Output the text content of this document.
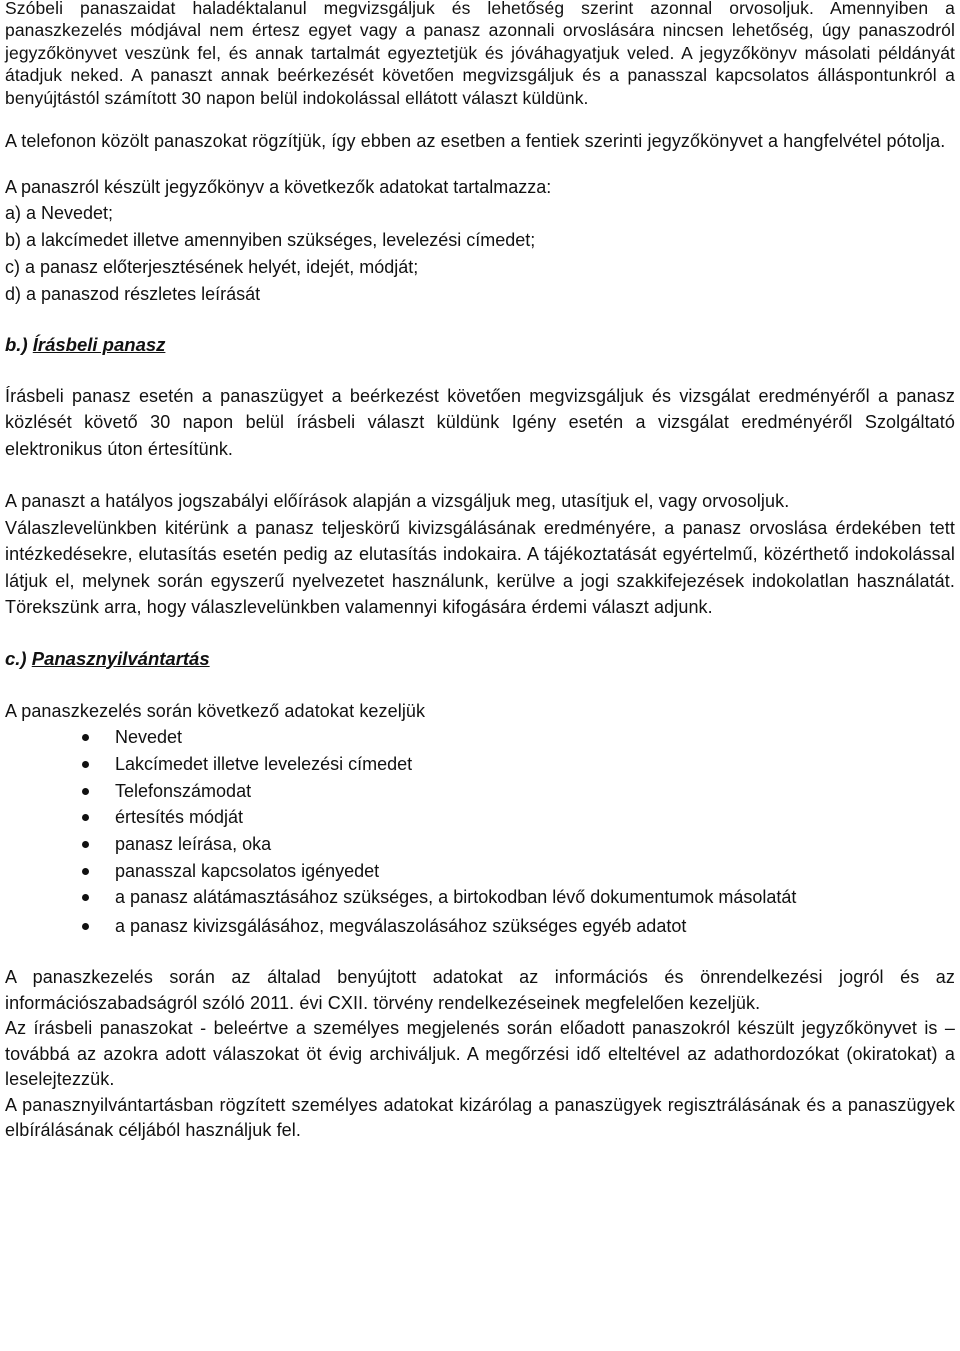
Szóbeli panaszaidat haladéktalanul megvizsgáljuk és lehetőség szerint azonnal orvosoljuk. Amennyiben a panaszkezelés módjával nem értesz egyet vagy a panasz azonnali orvoslására nincsen lehetőség, úgy panaszodról jegyzőkönyvet veszünk fel, és annak tartalmát egyeztetjük és jóváhagyatjuk veled. A jegyzőkönyv másolati példányát átadjuk neked. A panaszt annak beérkezését követően megvizsgáljuk és a panasszal kapcsolatos álláspontunkról a benyújtástól számított 30 napon belül indokolással ellátott választ küldünk.

A telefonon közölt panaszokat rögzítjük, így ebben az esetben a fentiek szerinti jegyzőkönyvet a hangfelvétel pótolja.

A panaszról készült jegyzőkönyv a következők adatokat tartalmazza:
a) a Nevedet;
b) a lakcímedet illetve amennyiben szükséges, levelezési címedet;
c) a panasz előterjesztésének helyét, idejét, módját;
d) a panaszod részletes leírását
b.) Írásbeli panasz

Írásbeli panasz esetén a panaszügyet a beérkezést követően megvizsgáljuk és vizsgálat eredményéről a panasz közlését követő 30 napon belül írásbeli választ küldünk Igény esetén a vizsgálat eredményéről Szolgáltató elektronikus úton értesítünk.

A panaszt a hatályos jogszabályi előírások alapján a vizsgáljuk meg, utasítjuk el, vagy orvosoljuk.

Válaszlevelünkben kitérünk a panasz teljeskörű kivizsgálásának eredményére, a panasz orvoslása érdekében tett intézkedésekre, elutasítás esetén pedig az elutasítás indokaira. A tájékoztatását egyértelmű, közérthető indokolással látjuk el, melynek során egyszerű nyelvezetet használunk, kerülve a jogi szakkifejezések indokolatlan használatát. Törekszünk arra, hogy válaszlevelünkben valamennyi kifogására érdemi választ adjunk.

c.) Panasznyilvántartás

A panaszkezelés során következő adatokat kezeljük

Nevedet
Lakcímedet illetve levelezési címedet
Telefonszámodat
értesítés módját
panasz leírása, oka
panasszal kapcsolatos igényedet
a panasz alátámasztásához szükséges, a birtokodban lévő dokumentumok másolatát
a panasz kivizsgálásához, megválaszolásához szükséges egyéb adatot

A panaszkezelés során az általad benyújtott adatokat az információs és önrendelkezési jogról és az információszabadságról szóló 2011. évi CXII. törvény rendelkezéseinek megfelelően kezeljük.

Az írásbeli panaszokat - beleértve a személyes megjelenés során előadott panaszokról készült jegyzőkönyvet is – továbbá az azokra adott válaszokat öt évig archiváljuk. A megőrzési idő elteltével az adathordozókat (okiratokat) a leselejtezzük.

A panasznyilvántartásban rögzített személyes adatokat kizárólag a panaszügyek regisztrálásának és a panaszügyek elbírálásának céljából használjuk fel.
